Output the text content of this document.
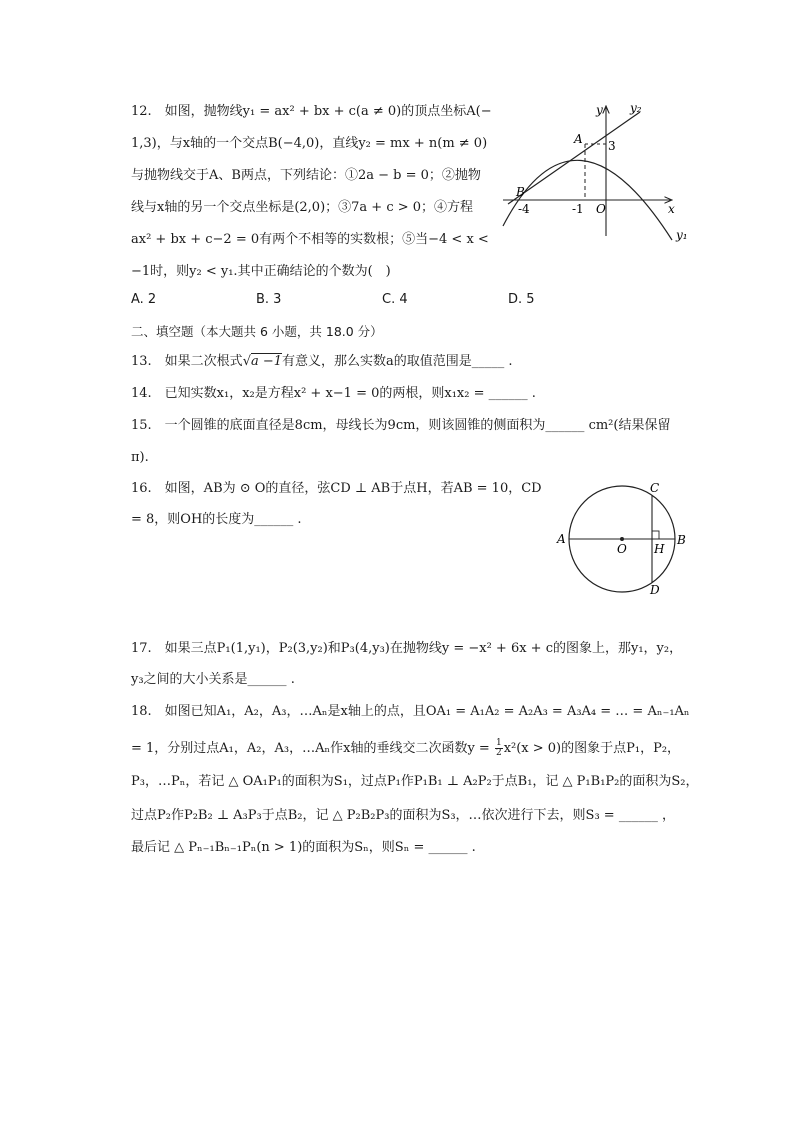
12.　如图，抛物线y₁ = ax² + bx + c(a ≠ 0)的顶点坐标A(−
1,3)，与x轴的一个交点B(−4,0)，直线y₂ = mx + n(m ≠ 0)
与抛物线交于A、B两点，下列结论：①2a − b = 0；②抛物
线与x轴的另一个交点坐标是(2,0)；③7a + c > 0；④方程
ax² + bx + c−2 = 0有两个不相等的实数根；⑤当−4 < x <
−1时，则y₂ < y₁.其中正确结论的个数为(　)
A. 2	B. 3	C. 4	D. 5
y y₂
A 3
B
-4	-1 O	x
y₁
二、填空题（本大题共 6 小题，共 18.0 分）
13.　如果二次根式√a −1有意义，那么实数a的取值范围是_____ .
14.　已知实数x₁，x₂是方程x² + x−1 = 0的两根，则x₁x₂ = ______ .
15.　一个圆锥的底面直径是8cm，母线长为9cm，则该圆锥的侧面积为______ cm²(结果保留
π).
16.　如图，AB为 ⊙ O的直径，弦CD ⊥ AB于点H，若AB = 10，CD
= 8，则OH的长度为______ .
A	B
C
D
O H
17.　如果三点P₁(1,y₁)，P₂(3,y₂)和P₃(4,y₃)在抛物线y = −x² + 6x + c的图象上，那y₁，y₂，
y₃之间的大小关系是______ .
18.　如图已知A₁，A₂，A₃，…Aₙ是x轴上的点，且OA₁ = A₁A₂ = A₂A₃ = A₃A₄ = … = Aₙ₋₁Aₙ
= 1，分别过点A₁，A₂，A₃，…Aₙ作x轴的垂线交二次函数$y = \frac{1}{2} x^2(x > 0)$的图象于点P₁，P₂，
P₃，…Pₙ，若记 △ OA₁P₁的面积为S₁，过点P₁作P₁B₁ ⊥ A₂P₂于点B₁，记 △ P₁B₁P₂的面积为S₂，
过点P₂作P₂B₂ ⊥ A₃P₃于点B₂，记 △ P₂B₂P₃的面积为S₃，…依次进行下去，则S₃ = ______ ，
最后记 △ Pₙ₋₁Bₙ₋₁Pₙ(n > 1)的面积为Sₙ，则Sₙ = ______ .
